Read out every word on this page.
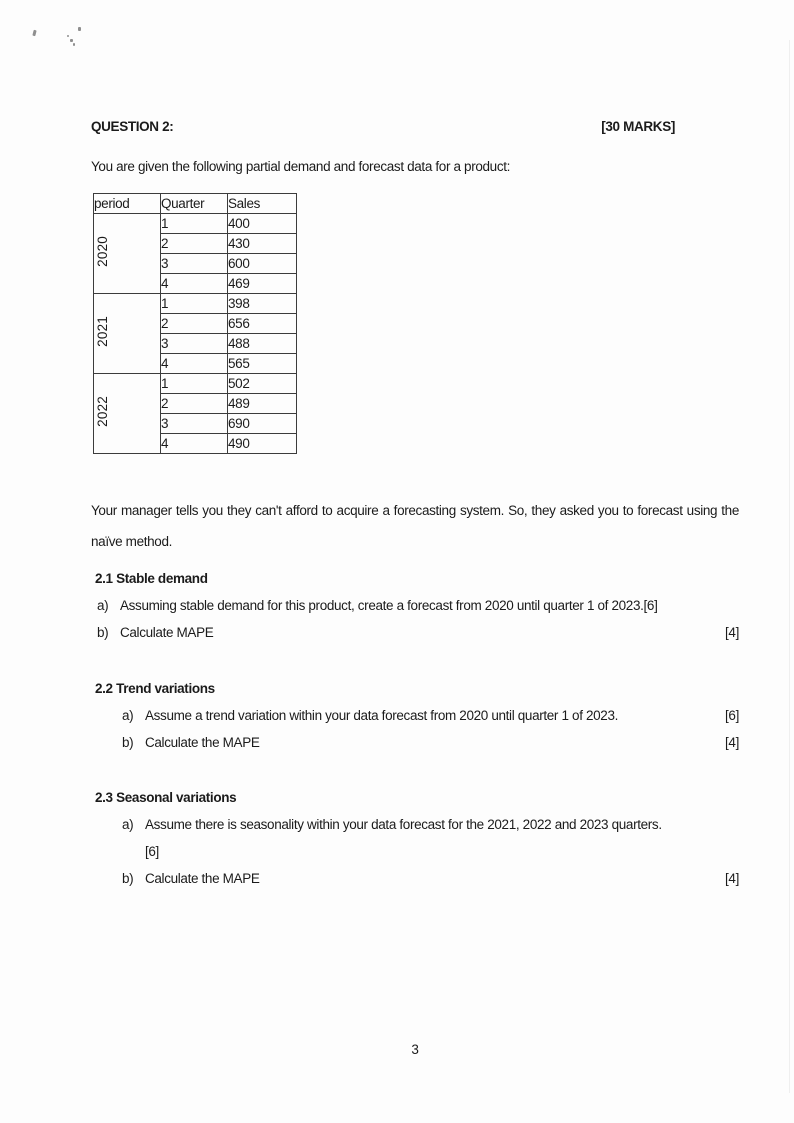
QUESTION 2:	[30 MARKS]
You are given the following partial demand and forecast data for a product:
period	Quarter	Sales
2020	1	400
	2	430
	3	600
	4	469
2021	1	398
	2	656
	3	488
	4	565
2022	1	502
	2	489
	3	690
	4	490
Your manager tells you they can't afford to acquire a forecasting system. So, they asked you to forecast using the naïve method.
2.1 Stable demand
a) Assuming stable demand for this product, create a forecast from 2020 until quarter 1 of 2023. [6]
b) Calculate MAPE	[4]
2.2 Trend variations
a) Assume a trend variation within your data forecast from 2020 until quarter 1 of 2023.	[6]
b) Calculate the MAPE	[4]
2.3 Seasonal variations
a) Assume there is seasonality within your data forecast for the 2021, 2022 and 2023 quarters.
[6]
b) Calculate the MAPE	[4]
3
